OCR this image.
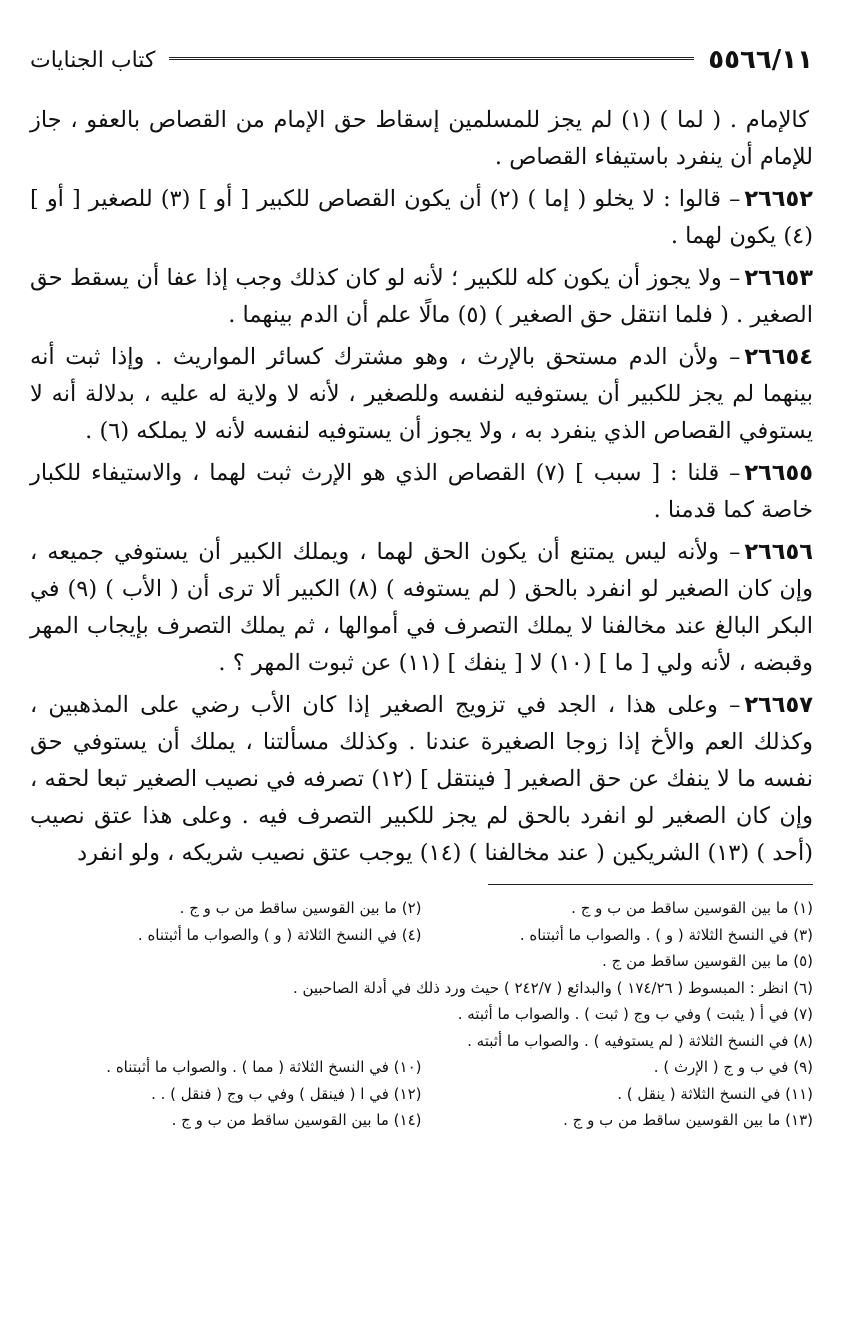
٥٥٦٦/١١
كتاب الجنايات

كالإمام . ( لما ) (١) لم يجز للمسلمين إسقاط حق الإمام من القصاص بالعفو ، جاز للإمام أن ينفرد باستيفاء القصاص .

٢٦٦٥٢– قالوا : لا يخلو ( إما ) (٢) أن يكون القصاص للكبير [ أو ] (٣) للصغير [ أو ] (٤) يكون لهما .

٢٦٦٥٣– ولا يجوز أن يكون كله للكبير ؛ لأنه لو كان كذلك وجب إذا عفا أن يسقط حق الصغير . ( فلما انتقل حق الصغير ) (٥) مالًا علم أن الدم بينهما .

٢٦٦٥٤– ولأن الدم مستحق بالإرث ، وهو مشترك كسائر المواريث . وإذا ثبت أنه بينهما لم يجز للكبير أن يستوفيه لنفسه وللصغير ، لأنه لا ولاية له عليه ، بدلالة أنه لا يستوفي القصاص الذي ينفرد به ، ولا يجوز أن يستوفيه لنفسه لأنه لا يملكه (٦) .

٢٦٦٥٥– قلنا : [ سبب ] (٧) القصاص الذي هو الإرث ثبت لهما ، والاستيفاء للكبار خاصة كما قدمنا .

٢٦٦٥٦– ولأنه ليس يمتنع أن يكون الحق لهما ، ويملك الكبير أن يستوفي جميعه ، وإن كان الصغير لو انفرد بالحق ( لم يستوفه ) (٨) الكبير ألا ترى أن ( الأب ) (٩) في البكر البالغ عند مخالفنا لا يملك التصرف في أموالها ، ثم يملك التصرف بإيجاب المهر وقبضه ، لأنه ولي [ ما ] (١٠) لا [ ينفك ] (١١) عن ثبوت المهر ؟ .

٢٦٦٥٧– وعلى هذا ، الجد في تزويج الصغير إذا كان الأب رضي على المذهبين ، وكذلك العم والأخ إذا زوجا الصغيرة عندنا . وكذلك مسألتنا ، يملك أن يستوفي حق نفسه ما لا ينفك عن حق الصغير [ فينتقل ] (١٢) تصرفه في نصيب الصغير تبعا لحقه ، وإن كان الصغير لو انفرد بالحق لم يجز للكبير التصرف فيه . وعلى هذا عتق نصيب (أحد ) (١٣) الشريكين ( عند مخالفنا ) (١٤) يوجب عتق نصيب شريكه ، ولو انفرد

(١) ما بين القوسين ساقط من ب و ج .
(٢) ما بين القوسين ساقط من ب و ج .
(٣) في النسخ الثلاثة ( و ) . والصواب ما أثبتناه .
(٤) في النسخ الثلاثة ( و ) والصواب ما أثبتناه .
(٥) ما بين القوسين ساقط من ج .
(٦) انظر : المبسوط ( ١٧٤/٢٦ ) والبدائع ( ٢٤٢/٧ ) حيث ورد ذلك في أدلة الصاحبين .
(٧) في أ ( يثبت ) وفي ب وج ( ثبت ) . والصواب ما أثبته .
(٨) في النسخ الثلاثة ( لم يستوفيه ) . والصواب ما أثبته .
(٩) في ب و ج ( الإرث ) .
(١٠) في النسخ الثلاثة ( مما ) . والصواب ما أثبتناه .
(١١) في النسخ الثلاثة ( ينقل ) .
(١٢) في ا ( فينقل ) وفي ب وج ( فنقل ) . .
(١٣) ما بين القوسين ساقط من ب و ج .
(١٤) ما بين القوسين ساقط من ب و ج .
